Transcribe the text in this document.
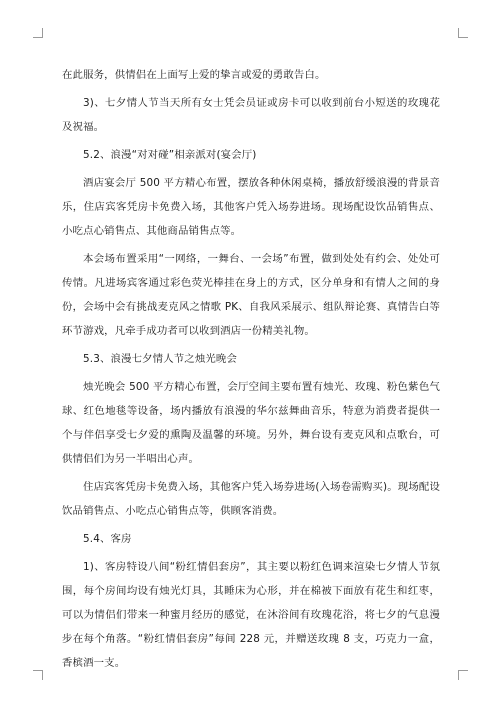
在此服务，供情侣在上面写上爱的挚言或爱的勇敢告白。

3)、七夕情人节当天所有女士凭会员证或房卡可以收到前台小短送的玫瑰花及祝福。

5.2、浪漫“对对碰”相亲派对(宴会厅)

酒店宴会厅 500 平方精心布置，摆放各种休闲桌椅，播放舒缓浪漫的背景音乐，住店宾客凭房卡免费入场，其他客户凭入场券进场。现场配设饮品销售点、小吃点心销售点、其他商品销售点等。

本会场布置采用“一网络，一舞台、一会场”布置，做到处处有约会、处处可传情。凡进场宾客通过彩色荧光棒挂在身上的方式，区分单身和有情人之间的身份，会场中会有挑战麦克风之情歌 PK、自我风采展示、组队辩论赛、真情告白等环节游戏，凡牵手成功者可以收到酒店一份精美礼物。

5.3、浪漫七夕情人节之烛光晚会

烛光晚会 500 平方精心布置，会厅空间主要布置有烛光、玫瑰、粉色紫色气球、红色地毯等设备，场内播放有浪漫的华尔兹舞曲音乐，特意为消费者提供一个与伴侣享受七夕爱的熏陶及温馨的环境。另外，舞台设有麦克风和点歌台，可供情侣们为另一半唱出心声。

住店宾客凭房卡免费入场，其他客户凭入场券进场(入场卷需购买)。现场配设饮品销售点、小吃点心销售点等，供顾客消费。

5.4、客房

1)、客房特设八间“粉红情侣套房”，其主要以粉红色调来渲染七夕情人节氛围，每个房间均设有烛光灯具，其睡床为心形，并在棉被下面放有花生和红枣，可以为情侣们带来一种蜜月经历的感觉，在沐浴间有玫瑰花浴，将七夕的气息漫步在每个角落。“粉红情侣套房”每间 228 元，并赠送玫瑰 8 支，巧克力一盒，香槟酒一支。
